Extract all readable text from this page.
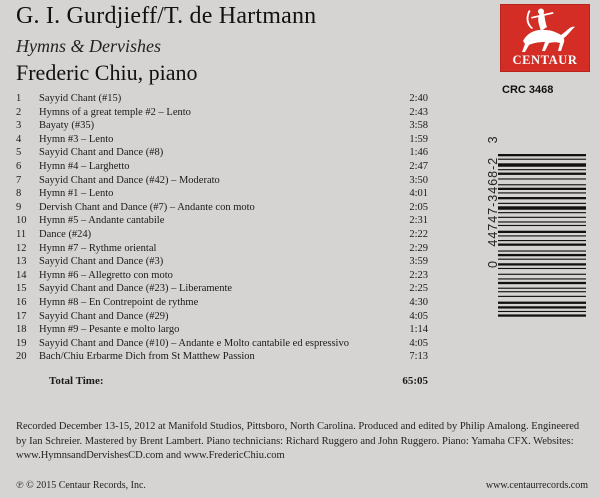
G. I. Gurdjieff/T. de Hartmann
Hymns & Dervishes
Frederic Chiu, piano	CENTAUR
CRC 3468
1 Sayyid Chant (#15)	2:40
2 Hymns of a great temple #2 – Lento	2:43
3 Bayaty (#35)	3:58
4 Hymn #3 – Lento	1:59
5 Sayyid Chant and Dance (#8)	1:46
6 Hymn #4 – Larghetto	2:47
7 Sayyid Chant and Dance (#42) – Moderato	3:50
8 Hymn #1 – Lento	4:01
9 Dervish Chant and Dance (#7) – Andante con moto	2:05
10 Hymn #5 – Andante cantabile	2:31
11 Dance (#24)	2:22
12 Hymn #7 – Rythme oriental	2:29
13 Sayyid Chant and Dance (#3)	3:59
14 Hymn #6 – Allegretto con moto	2:23
15 Sayyid Chant and Dance (#23) – Liberamente	2:25
16 Hymn #8 – En Contrepoint de rythme	4:30
17 Sayyid Chant and Dance (#29)	4:05
18 Hymn #9 – Pesante e molto largo	1:14
19 Sayyid Chant and Dance (#10) – Andante e Molto cantabile ed espressivo	4:05
20 Bach/Chiu Erbarme Dich from St Matthew Passion	7:13
Total Time:	65:05
0   44747-3468-2   3
Recorded December 13-15, 2012 at Manifold Studios, Pittsboro, North Carolina. Produced and edited by Philip Amalong. Engineered by Ian Schreier. Mastered by Brent Lambert. Piano technicians: Richard Ruggero and John Ruggero. Piano: Yamaha CFX. Websites: www.HymnsandDervishesCD.com and www.FredericChiu.com
℗ © 2015 Centaur Records, Inc.	www.centaurrecords.com
